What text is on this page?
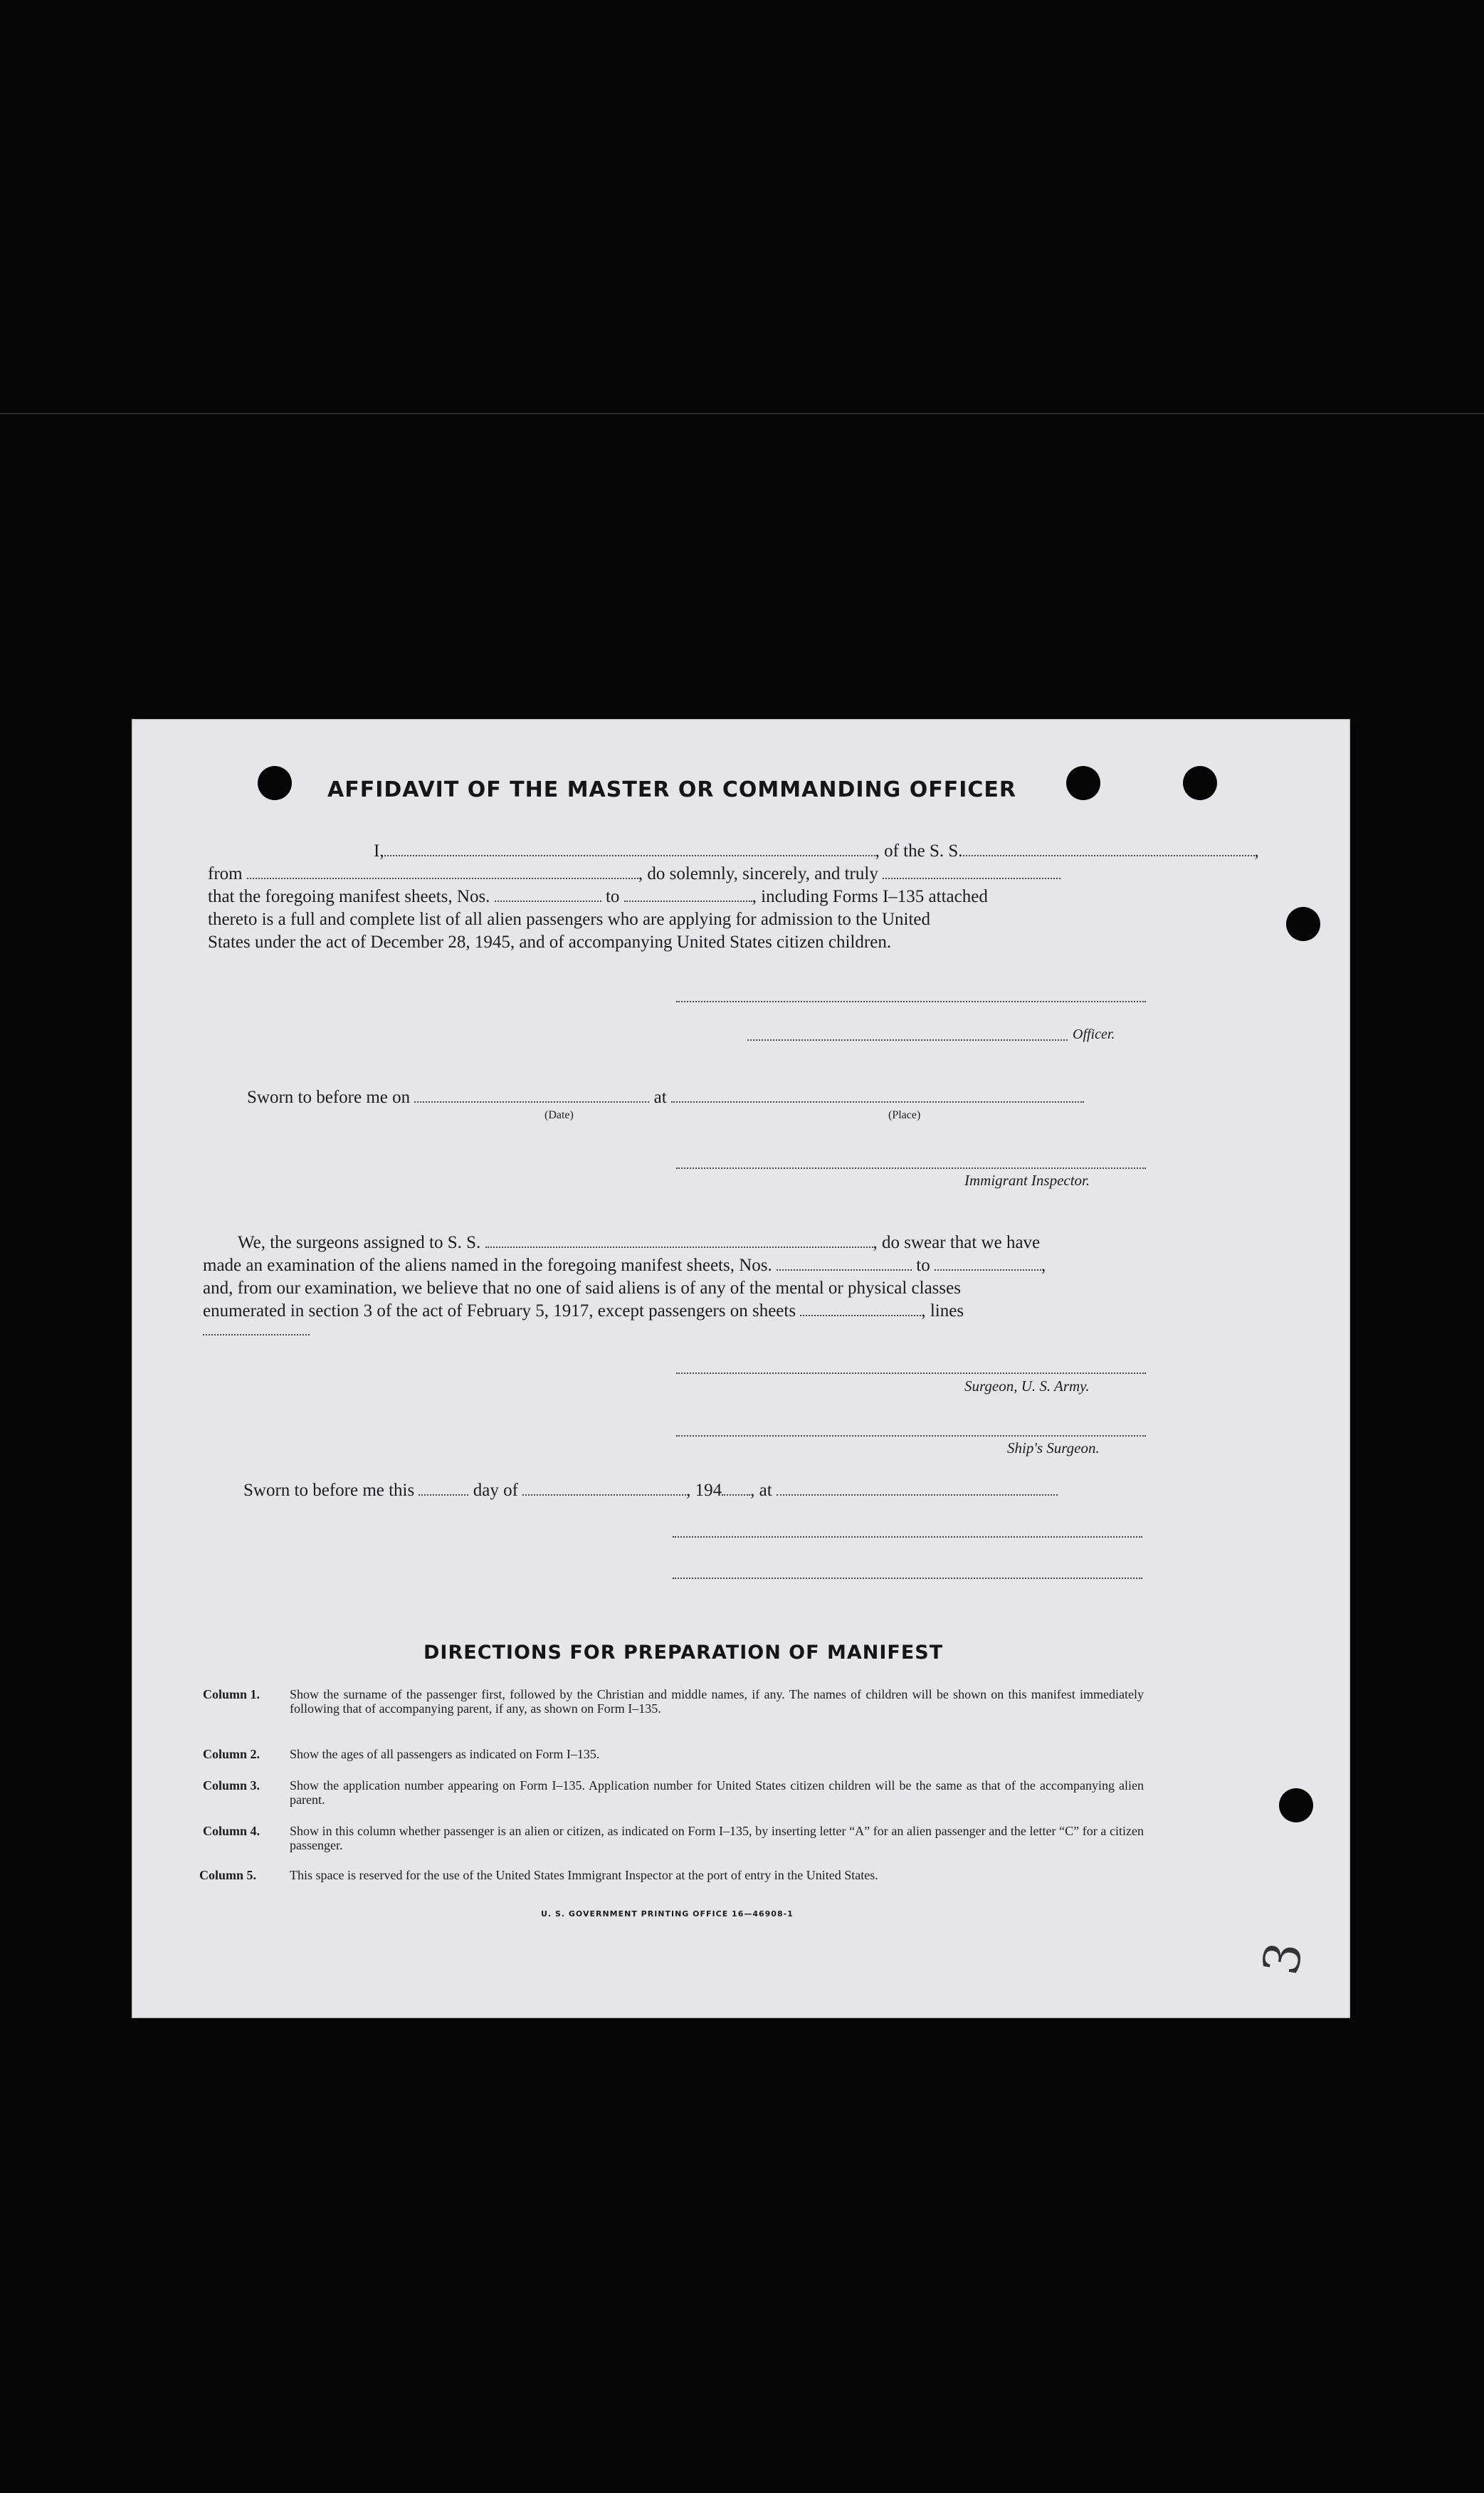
AFFIDAVIT OF THE MASTER OR COMMANDING OFFICER
I,	, of the S. S.	,
from	, do solemnly, sincerely, and truly
that the foregoing manifest sheets, Nos.	to	, including Forms I–135 attached
thereto is a full and complete list of all alien passengers who are applying for admission to the United
States under the act of December 28, 1945, and of accompanying United States citizen children.
Officer.
Sworn to before me on	at
(Date)	(Place)
Immigrant Inspector.
We, the surgeons assigned to S. S.	, do swear that we have
made an examination of the aliens named in the foregoing manifest sheets, Nos.	to	,
and, from our examination, we believe that no one of said aliens is of any of the mental or physical classes
enumerated in section 3 of the act of February 5, 1917, except passengers on sheets	, lines
Surgeon, U. S. Army.
Ship's Surgeon.
Sworn to before me this	day of	, 194 , at
DIRECTIONS FOR PREPARATION OF MANIFEST
Column 1. Show the surname of the passenger first, followed by the Christian and middle names, if any. The names of children will be shown on this manifest immediately following that of accompanying parent, if any, as shown on Form I–135.
Column 2. Show the ages of all passengers as indicated on Form I–135.
Column 3. Show the application number appearing on Form I–135. Application number for United States citizen children will be the same as that of the accompanying alien parent.
Column 4. Show in this column whether passenger is an alien or citizen, as indicated on Form I–135, by inserting letter “A” for an alien passenger and the letter “C” for a citizen passenger.
Column 5.	This space is reserved for the use of the United States Immigrant Inspector at the port of entry in the United States.
U. S. GOVERNMENT PRINTING OFFICE 16—46908-1
3
